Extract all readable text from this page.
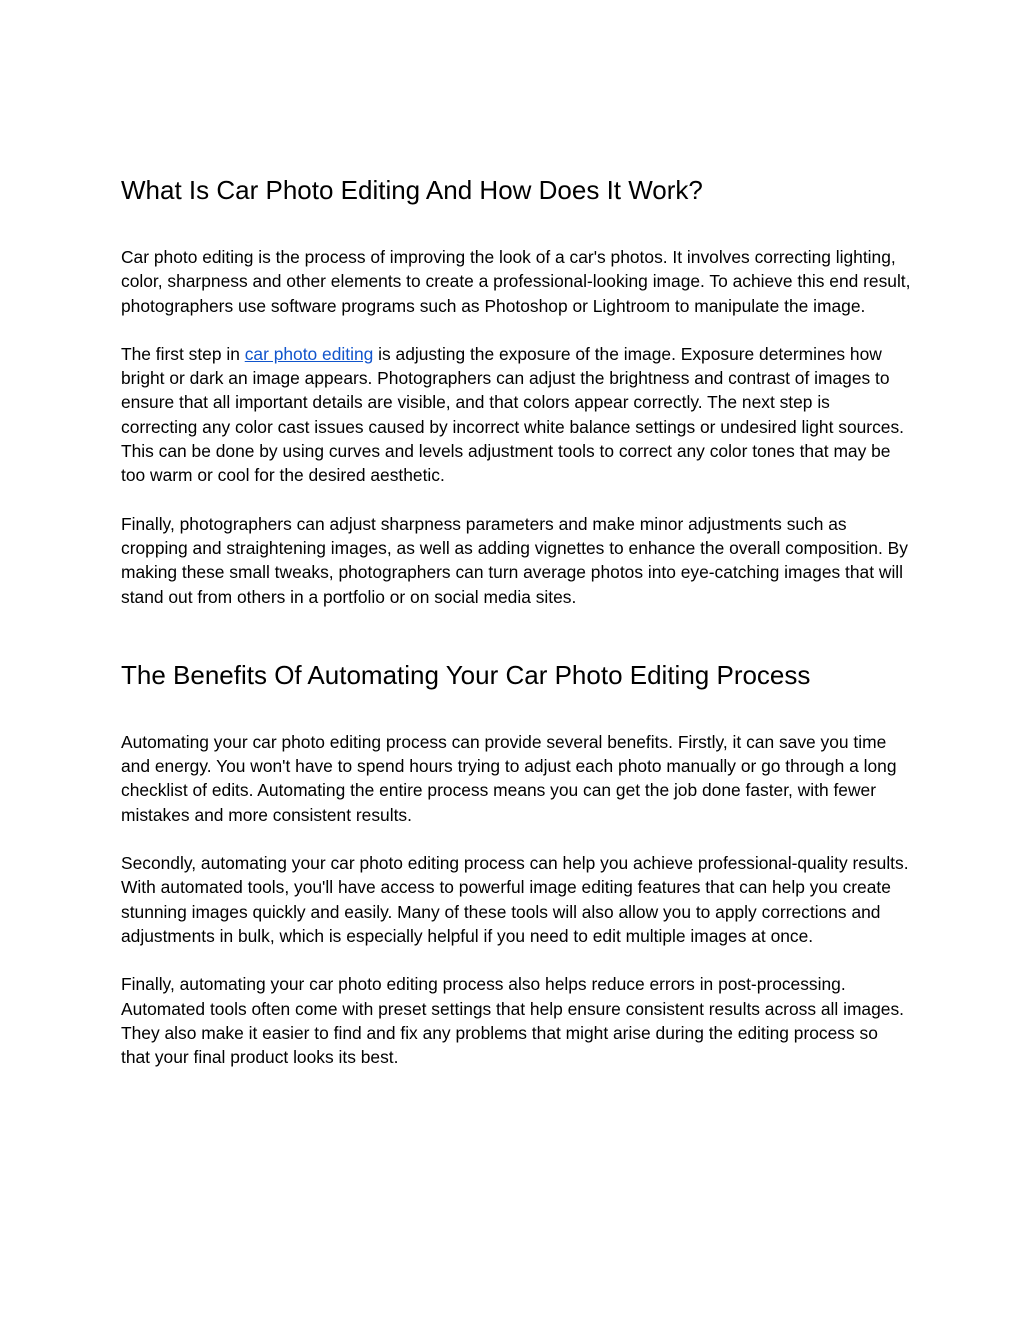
What Is Car Photo Editing And How Does It Work?

Car photo editing is the process of improving the look of a car's photos. It involves correcting lighting, color, sharpness and other elements to create a professional-looking image. To achieve this end result, photographers use software programs such as Photoshop or Lightroom to manipulate the image.

The first step in car photo editing is adjusting the exposure of the image. Exposure determines how bright or dark an image appears. Photographers can adjust the brightness and contrast of images to ensure that all important details are visible, and that colors appear correctly. The next step is correcting any color cast issues caused by incorrect white balance settings or undesired light sources. This can be done by using curves and levels adjustment tools to correct any color tones that may be too warm or cool for the desired aesthetic.

Finally, photographers can adjust sharpness parameters and make minor adjustments such as cropping and straightening images, as well as adding vignettes to enhance the overall composition. By making these small tweaks, photographers can turn average photos into eye-catching images that will stand out from others in a portfolio or on social media sites.

The Benefits Of Automating Your Car Photo Editing Process

Automating your car photo editing process can provide several benefits. Firstly, it can save you time and energy. You won't have to spend hours trying to adjust each photo manually or go through a long checklist of edits. Automating the entire process means you can get the job done faster, with fewer mistakes and more consistent results.

Secondly, automating your car photo editing process can help you achieve professional-quality results. With automated tools, you'll have access to powerful image editing features that can help you create stunning images quickly and easily. Many of these tools will also allow you to apply corrections and adjustments in bulk, which is especially helpful if you need to edit multiple images at once.

Finally, automating your car photo editing process also helps reduce errors in post-processing. Automated tools often come with preset settings that help ensure consistent results across all images. They also make it easier to find and fix any problems that might arise during the editing process so that your final product looks its best.
